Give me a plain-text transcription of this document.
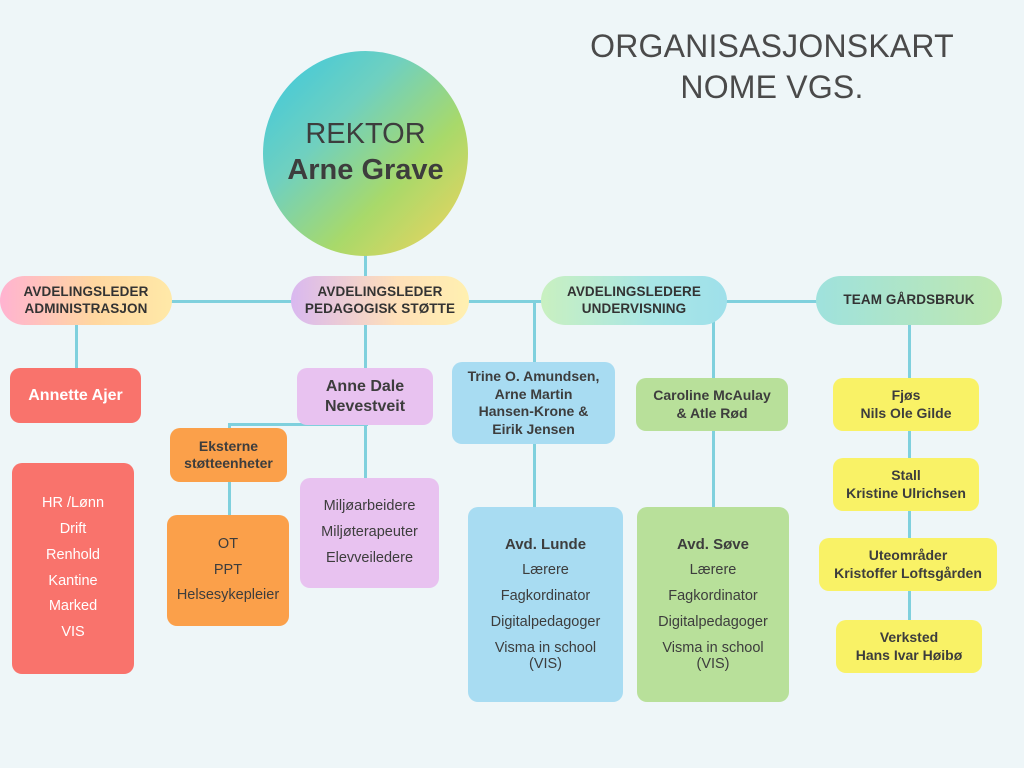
ORGANISASJONSKART
NOME VGS.
REKTOR
Arne Grave
AVDELINGSLEDER
ADMINISTRASJON
AVDELINGSLEDER
PEDAGOGISK STØTTE
AVDELINGSLEDERE
UNDERVISNING
TEAM GÅRDSBRUK
Annette Ajer
HR /Lønn
Drift
Renhold
Kantine
Marked
VIS
Anne Dale
Nevestveit
Miljøarbeidere
Miljøterapeuter
Elevveiledere
Eksterne
støtteenheter
OT
PPT
Helsesykepleier
Trine O. Amundsen,
Arne Martin
Hansen-Krone &
Eirik Jensen
Caroline McAulay
& Atle Rød
Avd. Lunde
Lærere
Fagkordinator
Digitalpedagoger
Visma in school
(VIS)
Avd. Søve
Lærere
Fagkordinator
Digitalpedagoger
Visma in school
(VIS)
Fjøs
Nils Ole Gilde
Stall
Kristine Ulrichsen
Uteområder
Kristoffer Loftsgården
Verksted
Hans Ivar Høibø
